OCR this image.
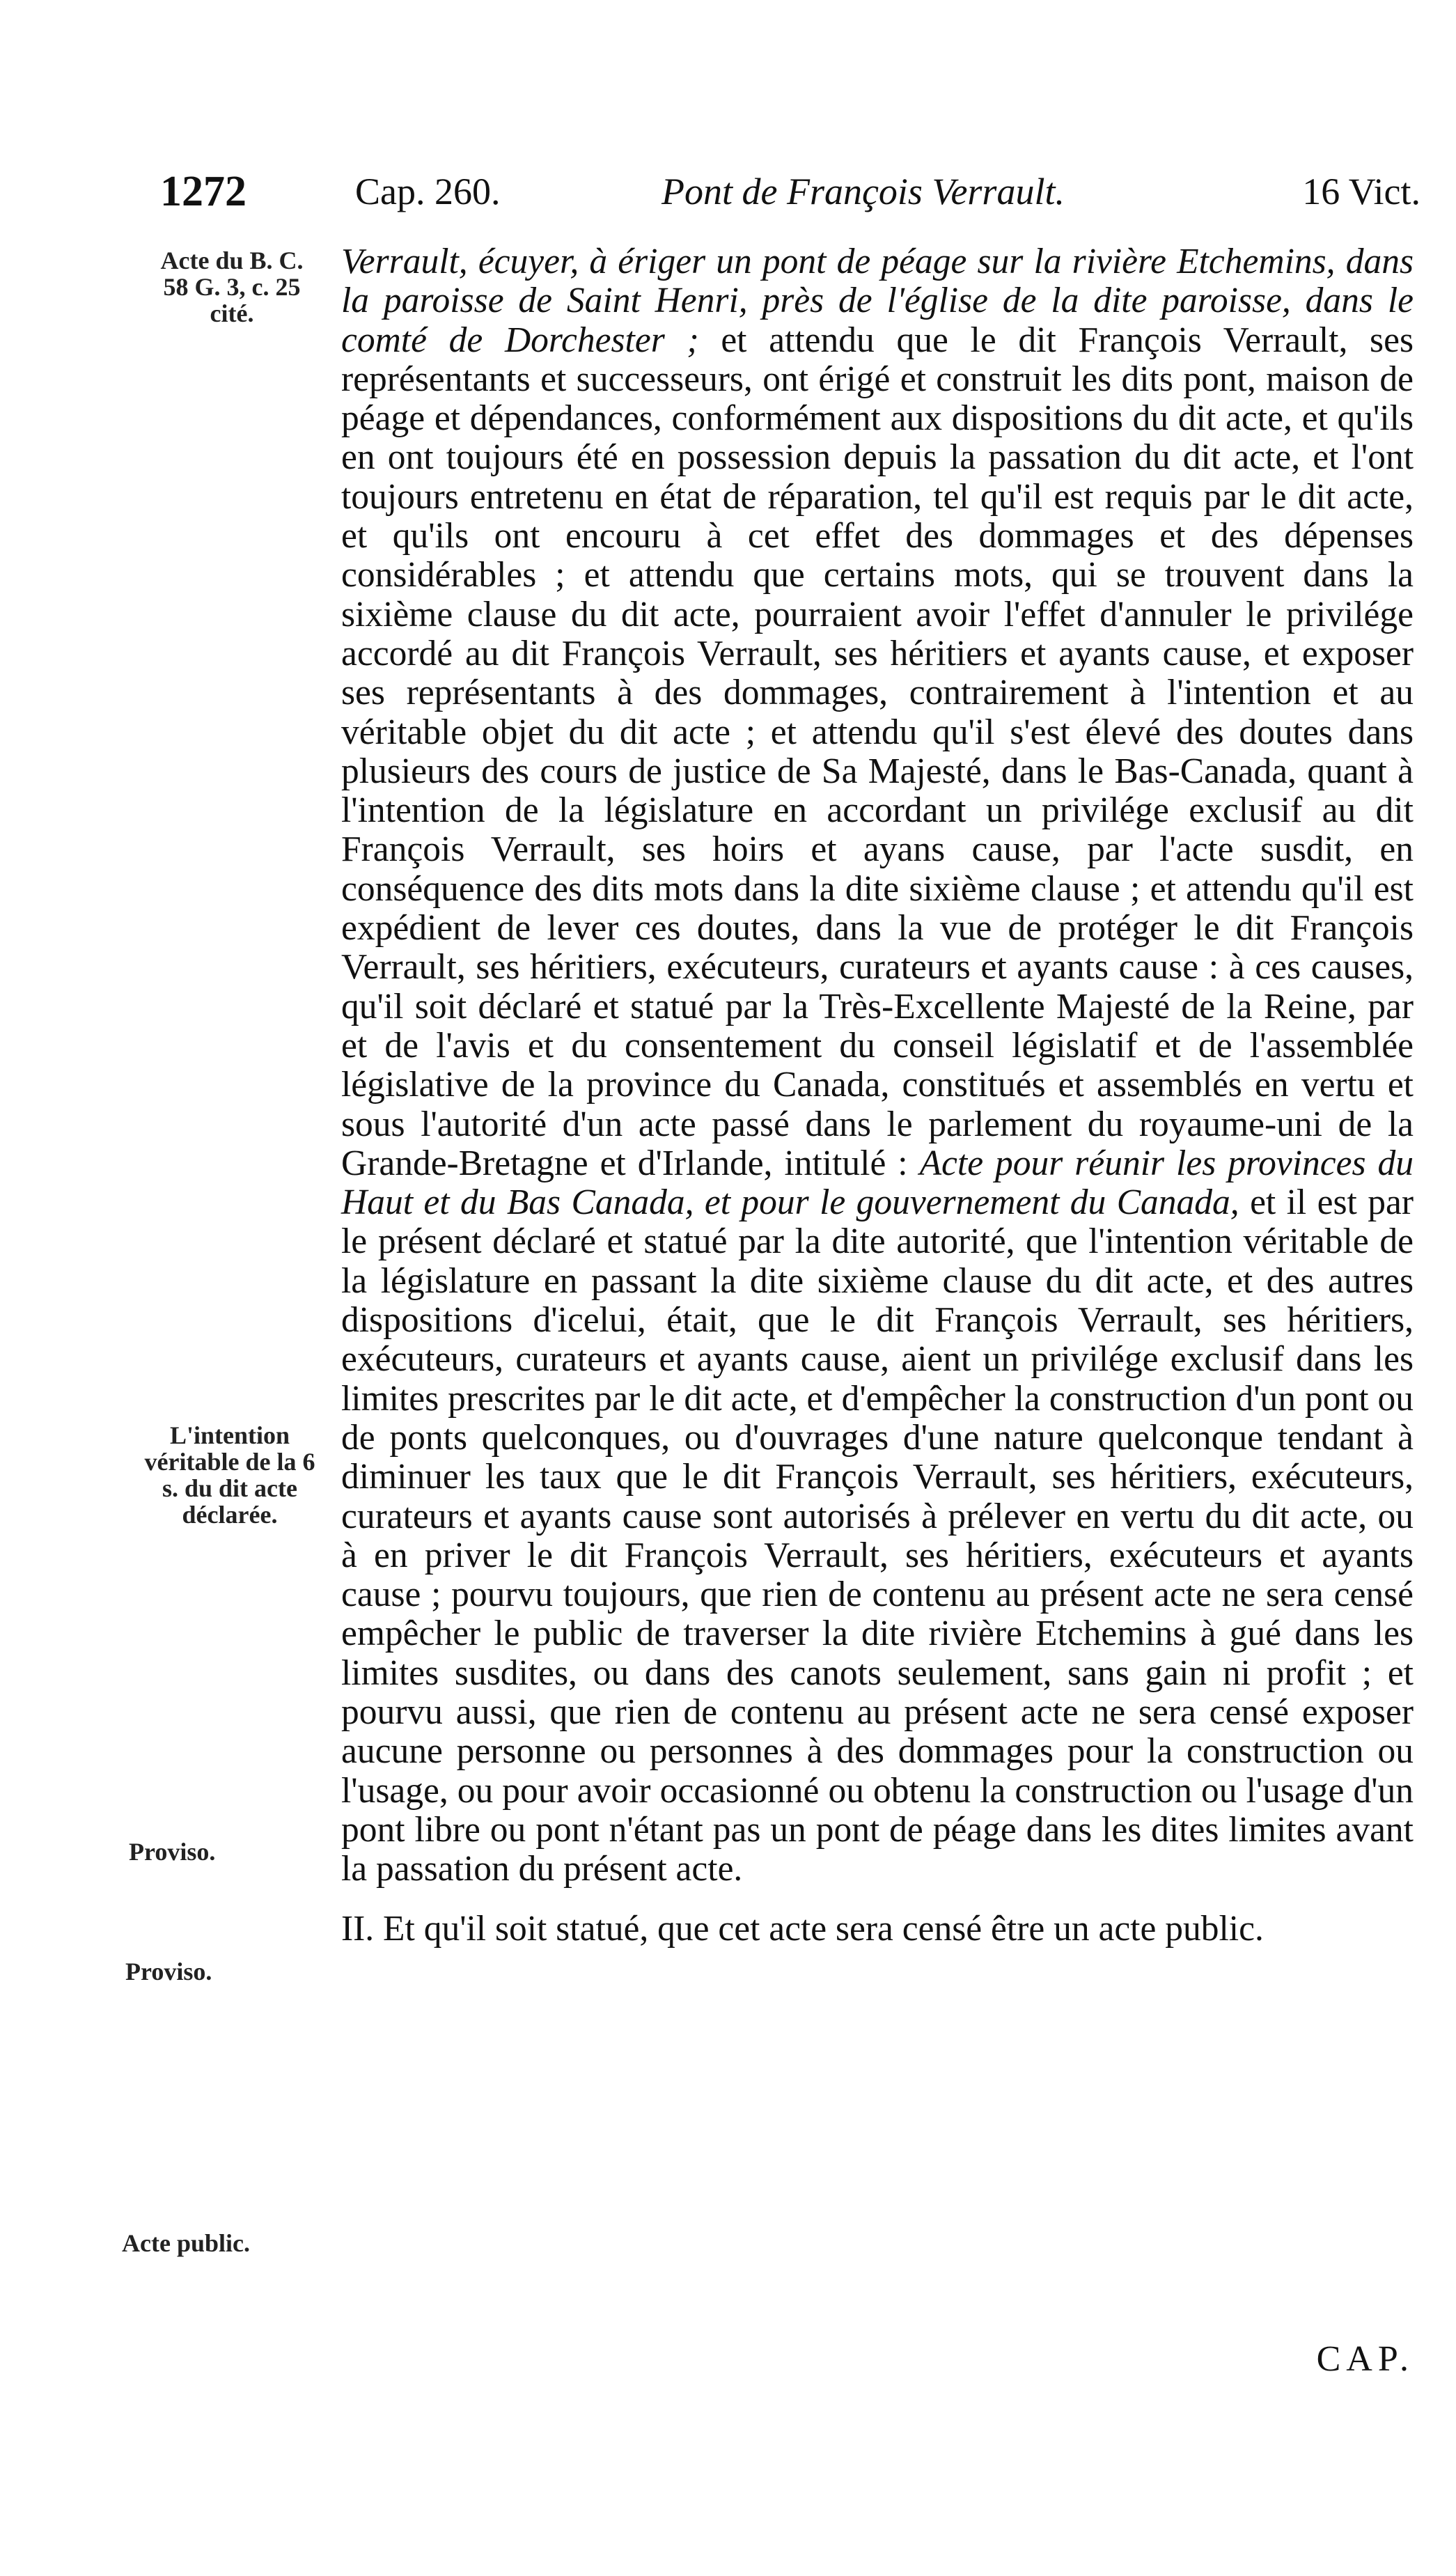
1272	Cap. 260.	Pont de François Verrault.	16 Vict.
Acte du B. C. 58 G. 3, c. 25 cité.
L'intention véritable de la 6 s. du dit acte déclarée.
Proviso.
Proviso.
Acte public.

Verrault, écuyer, à ériger un pont de péage sur la rivière Etchemins, dans la paroisse de Saint Henri, près de l'église de la dite paroisse, dans le comté de Dorchester ; et attendu que le dit François Verrault, ses représentants et successeurs, ont érigé et construit les dits pont, maison de péage et dépendances, conformément aux dispositions du dit acte, et qu'ils en ont toujours été en possession depuis la passation du dit acte, et l'ont toujours entretenu en état de réparation, tel qu'il est requis par le dit acte, et qu'ils ont encouru à cet effet des dommages et des dépenses considérables ; et attendu que certains mots, qui se trouvent dans la sixième clause du dit acte, pourraient avoir l'effet d'annuler le privilége accordé au dit François Verrault, ses héritiers et ayants cause, et exposer ses représentants à des dommages, contrairement à l'intention et au véritable objet du dit acte ; et attendu qu'il s'est élevé des doutes dans plusieurs des cours de justice de Sa Majesté, dans le Bas-Canada, quant à l'intention de la législature en accordant un privilége exclusif au dit François Verrault, ses hoirs et ayans cause, par l'acte susdit, en conséquence des dits mots dans la dite sixième clause ; et attendu qu'il est expédient de lever ces doutes, dans la vue de protéger le dit François Verrault, ses héritiers, exécuteurs, curateurs et ayants cause : à ces causes, qu'il soit déclaré et statué par la Très-Excellente Majesté de la Reine, par et de l'avis et du consentement du conseil législatif et de l'assemblée législative de la province du Canada, constitués et assemblés en vertu et sous l'autorité d'un acte passé dans le parlement du royaume-uni de la Grande-Bretagne et d'Irlande, intitulé : Acte pour réunir les provinces du Haut et du Bas Canada, et pour le gouvernement du Canada, et il est par le présent déclaré et statué par la dite autorité, que l'intention véritable de la législature en passant la dite sixième clause du dit acte, et des autres dispositions d'icelui, était, que le dit François Verrault, ses héritiers, exécuteurs, curateurs et ayants cause, aient un privilége exclusif dans les limites prescrites par le dit acte, et d'empêcher la construction d'un pont ou de ponts quelconques, ou d'ouvrages d'une nature quelconque tendant à diminuer les taux que le dit François Verrault, ses héritiers, exécuteurs, curateurs et ayants cause sont autorisés à prélever en vertu du dit acte, ou à en priver le dit François Verrault, ses héritiers, exécuteurs et ayants cause ; pourvu toujours, que rien de contenu au présent acte ne sera censé empêcher le public de traverser la dite rivière Etchemins à gué dans les limites susdites, ou dans des canots seulement, sans gain ni profit ; et pourvu aussi, que rien de contenu au présent acte ne sera censé exposer aucune personne ou personnes à des dommages pour la construction ou l'usage, ou pour avoir occasionné ou obtenu la construction ou l'usage d'un pont libre ou pont n'étant pas un pont de péage dans les dites limites avant la passation du présent acte.

II. Et qu'il soit statué, que cet acte sera censé être un acte public.

CAP.
